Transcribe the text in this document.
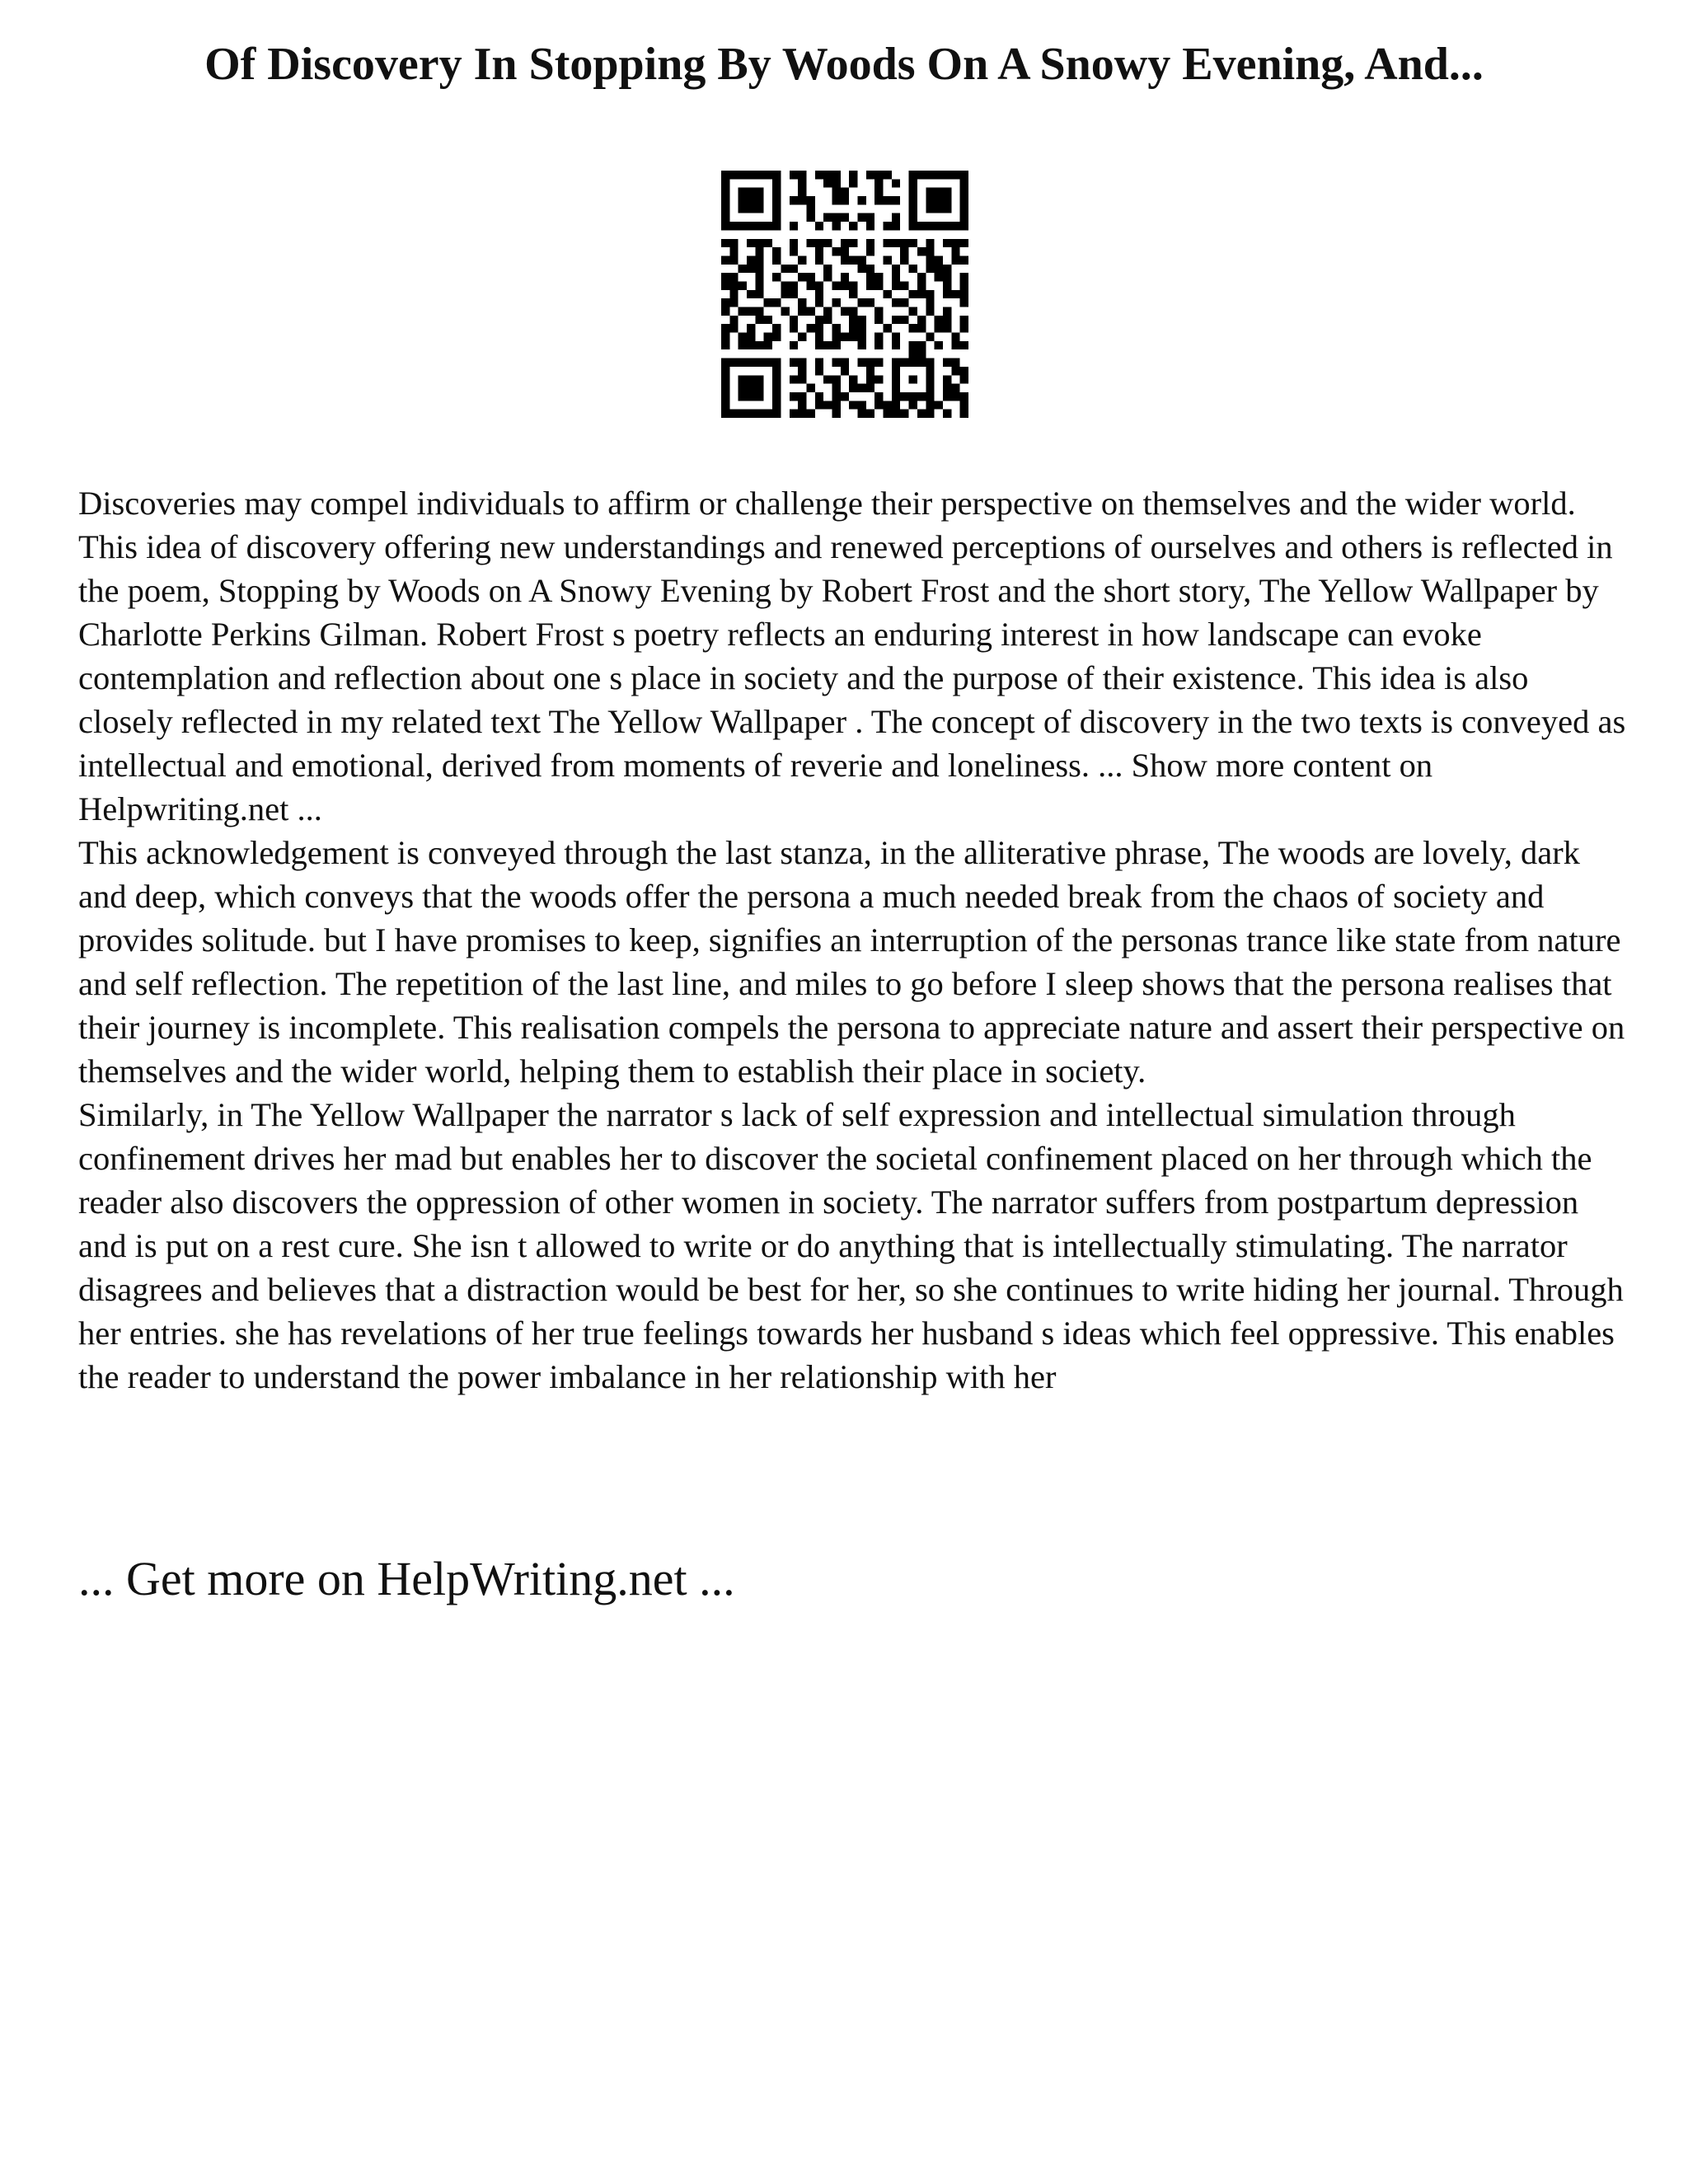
Of Discovery In Stopping By Woods On A Snowy Evening, And...

Discoveries may compel individuals to affirm or challenge their perspective on themselves and the wider world. This idea of discovery offering new understandings and renewed perceptions of ourselves and others is reflected in the poem, Stopping by Woods on A Snowy Evening by Robert Frost and the short story, The Yellow Wallpaper by Charlotte Perkins Gilman. Robert Frost s poetry reflects an enduring interest in how landscape can evoke contemplation and reflection about one s place in society and the purpose of their existence. This idea is also closely reflected in my related text The Yellow Wallpaper . The concept of discovery in the two texts is conveyed as intellectual and emotional, derived from moments of reverie and loneliness. ... Show more content on Helpwriting.net ...

This acknowledgement is conveyed through the last stanza, in the alliterative phrase, The woods are lovely, dark and deep, which conveys that the woods offer the persona a much needed break from the chaos of society and provides solitude. but I have promises to keep, signifies an interruption of the personas trance like state from nature and self reflection. The repetition of the last line, and miles to go before I sleep shows that the persona realises that their journey is incomplete. This realisation compels the persona to appreciate nature and assert their perspective on themselves and the wider world, helping them to establish their place in society.

Similarly, in The Yellow Wallpaper the narrator s lack of self expression and intellectual simulation through confinement drives her mad but enables her to discover the societal confinement placed on her through which the reader also discovers the oppression of other women in society. The narrator suffers from postpartum depression and is put on a rest cure. She isn t allowed to write or do anything that is intellectually stimulating. The narrator disagrees and believes that a distraction would be best for her, so she continues to write hiding her journal. Through her entries. she has revelations of her true feelings towards her husband s ideas which feel oppressive. This enables the reader to understand the power imbalance in her relationship with her

... Get more on HelpWriting.net ...
